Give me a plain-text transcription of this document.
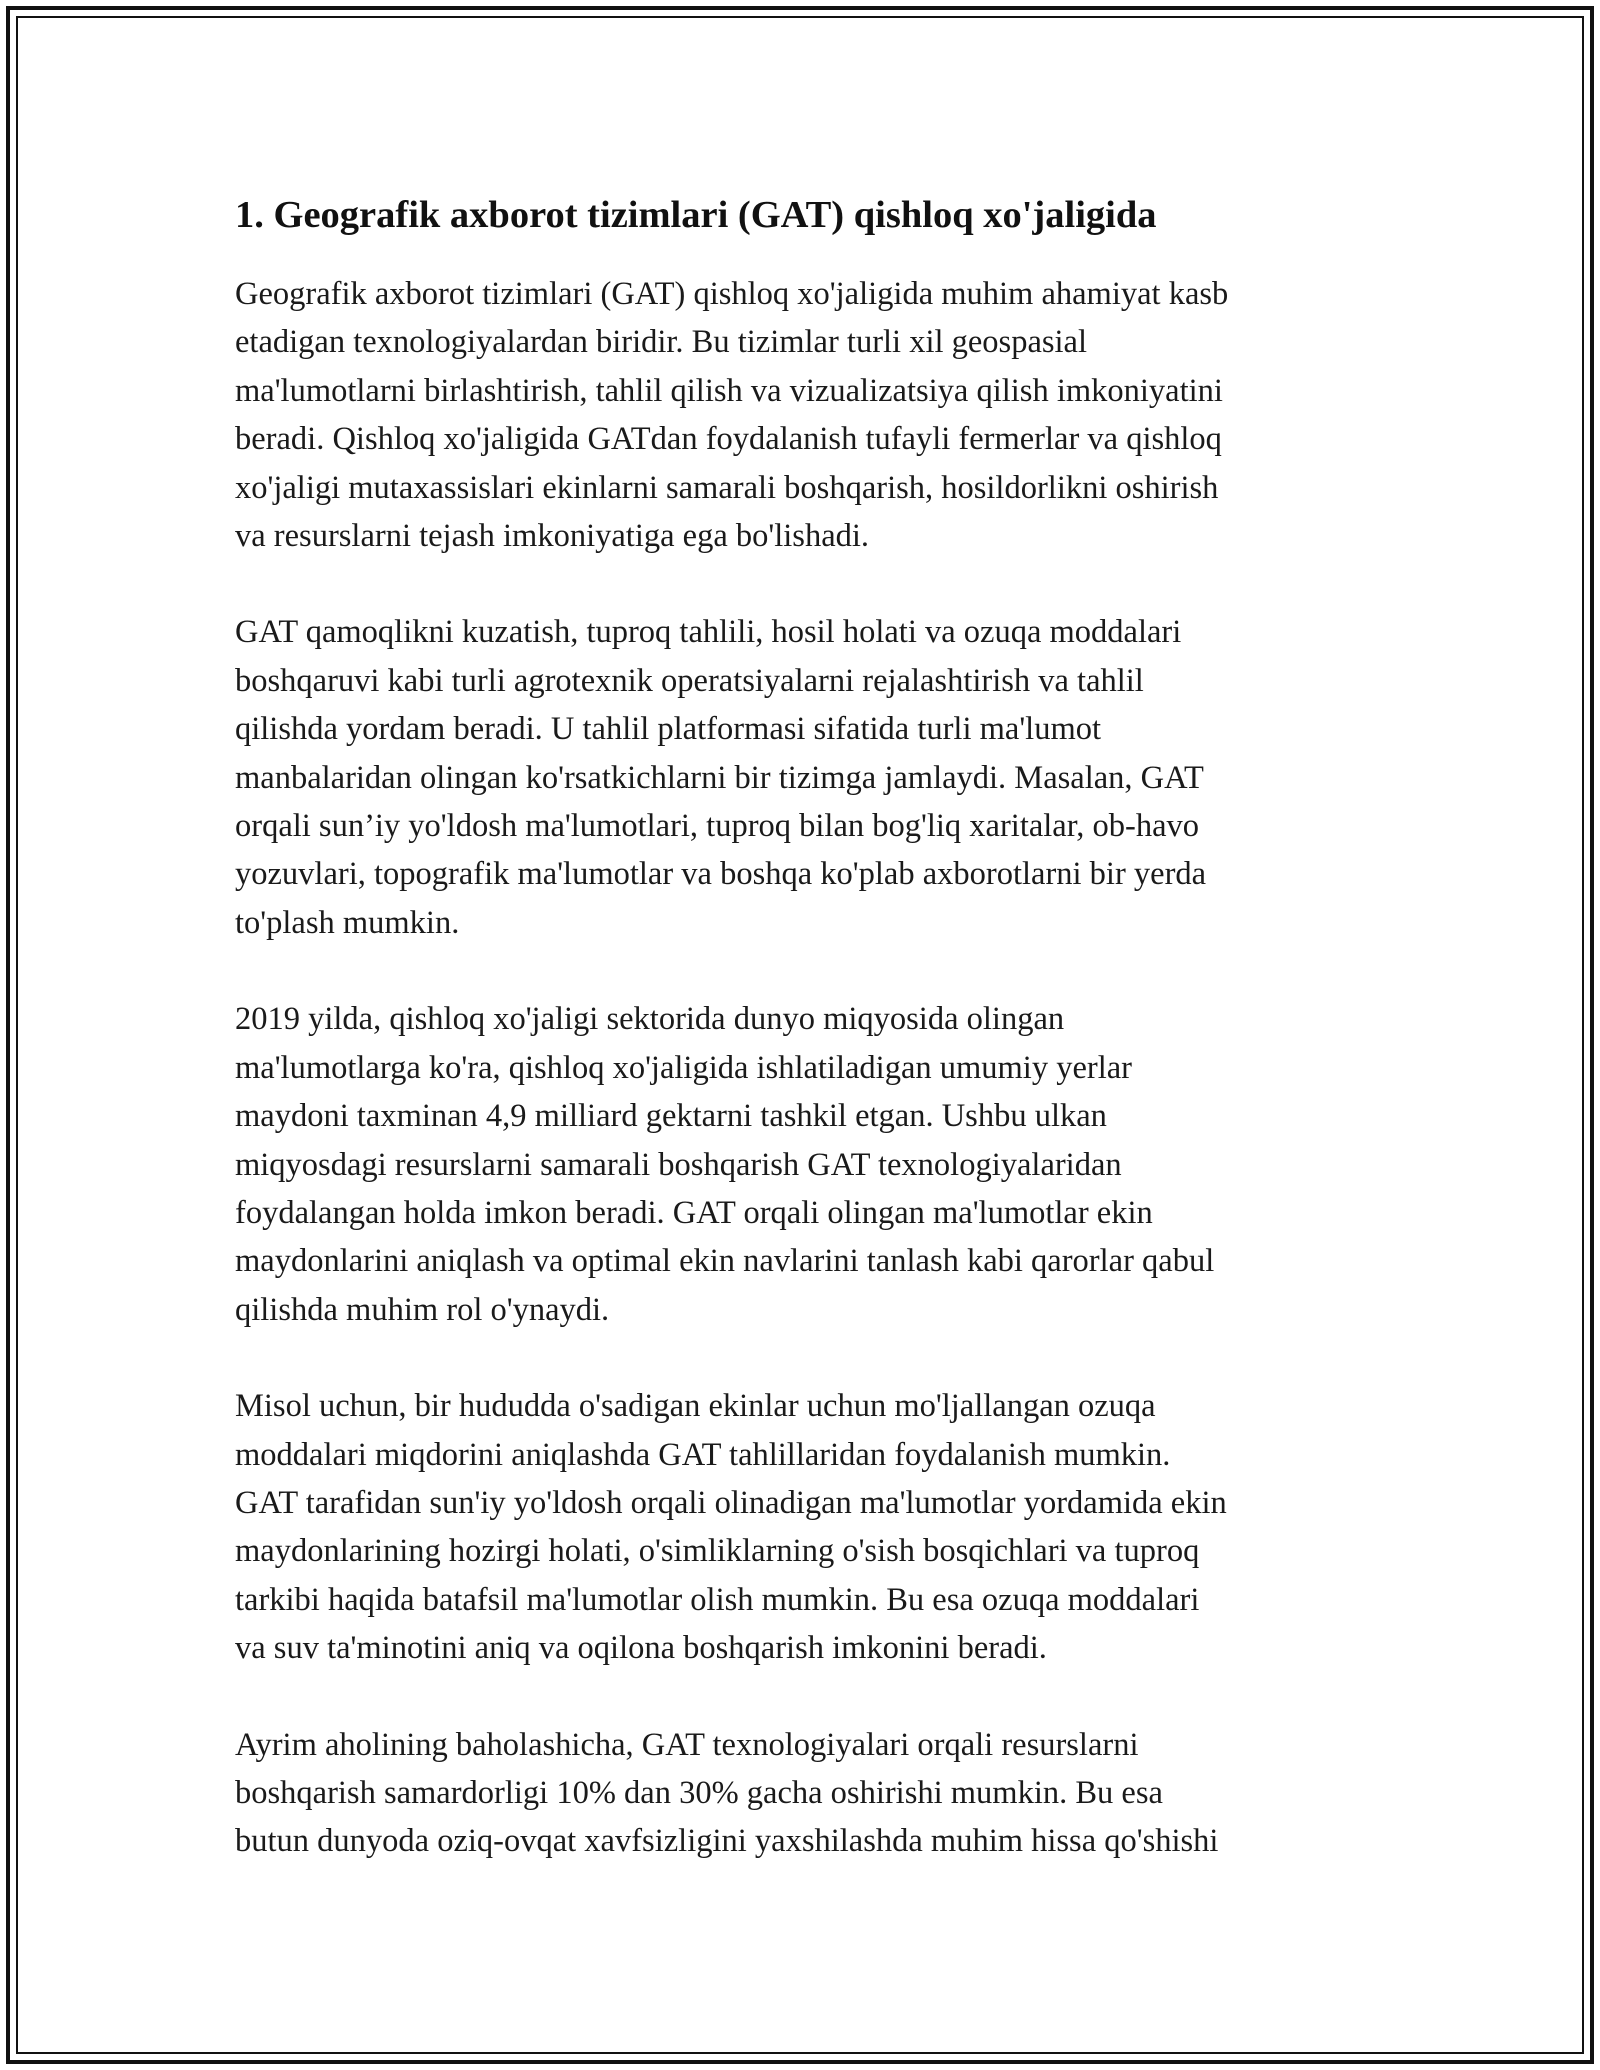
1. Geografik axborot tizimlari (GAT) qishloq xo'jaligida

Geografik axborot tizimlari (GAT) qishloq xo'jaligida muhim ahamiyat kasb
etadigan texnologiyalardan biridir. Bu tizimlar turli xil geospasial
ma'lumotlarni birlashtirish, tahlil qilish va vizualizatsiya qilish imkoniyatini
beradi. Qishloq xo'jaligida GATdan foydalanish tufayli fermerlar va qishloq
xo'jaligi mutaxassislari ekinlarni samarali boshqarish, hosildorlikni oshirish
va resurslarni tejash imkoniyatiga ega bo'lishadi.

GAT qamoqlikni kuzatish, tuproq tahlili, hosil holati va ozuqa moddalari
boshqaruvi kabi turli agrotexnik operatsiyalarni rejalashtirish va tahlil
qilishda yordam beradi. U tahlil platformasi sifatida turli ma'lumot
manbalaridan olingan ko'rsatkichlarni bir tizimga jamlaydi. Masalan, GAT
orqali sun’iy yo'ldosh ma'lumotlari, tuproq bilan bog'liq xaritalar, ob-havo
yozuvlari, topografik ma'lumotlar va boshqa ko'plab axborotlarni bir yerda
to'plash mumkin.

2019 yilda, qishloq xo'jaligi sektorida dunyo miqyosida olingan
ma'lumotlarga ko'ra, qishloq xo'jaligida ishlatiladigan umumiy yerlar
maydoni taxminan 4,9 milliard gektarni tashkil etgan. Ushbu ulkan
miqyosdagi resurslarni samarali boshqarish GAT texnologiyalaridan
foydalangan holda imkon beradi. GAT orqali olingan ma'lumotlar ekin
maydonlarini aniqlash va optimal ekin navlarini tanlash kabi qarorlar qabul
qilishda muhim rol o'ynaydi.

Misol uchun, bir hududda o'sadigan ekinlar uchun mo'ljallangan ozuqa
moddalari miqdorini aniqlashda GAT tahlillaridan foydalanish mumkin.
GAT tarafidan sun'iy yo'ldosh orqali olinadigan ma'lumotlar yordamida ekin
maydonlarining hozirgi holati, o'simliklarning o'sish bosqichlari va tuproq
tarkibi haqida batafsil ma'lumotlar olish mumkin. Bu esa ozuqa moddalari
va suv ta'minotini aniq va oqilona boshqarish imkonini beradi.

Ayrim aholining baholashicha, GAT texnologiyalari orqali resurslarni
boshqarish samardorligi 10% dan 30% gacha oshirishi mumkin. Bu esa
butun dunyoda oziq-ovqat xavfsizligini yaxshilashda muhim hissa qo'shishi
